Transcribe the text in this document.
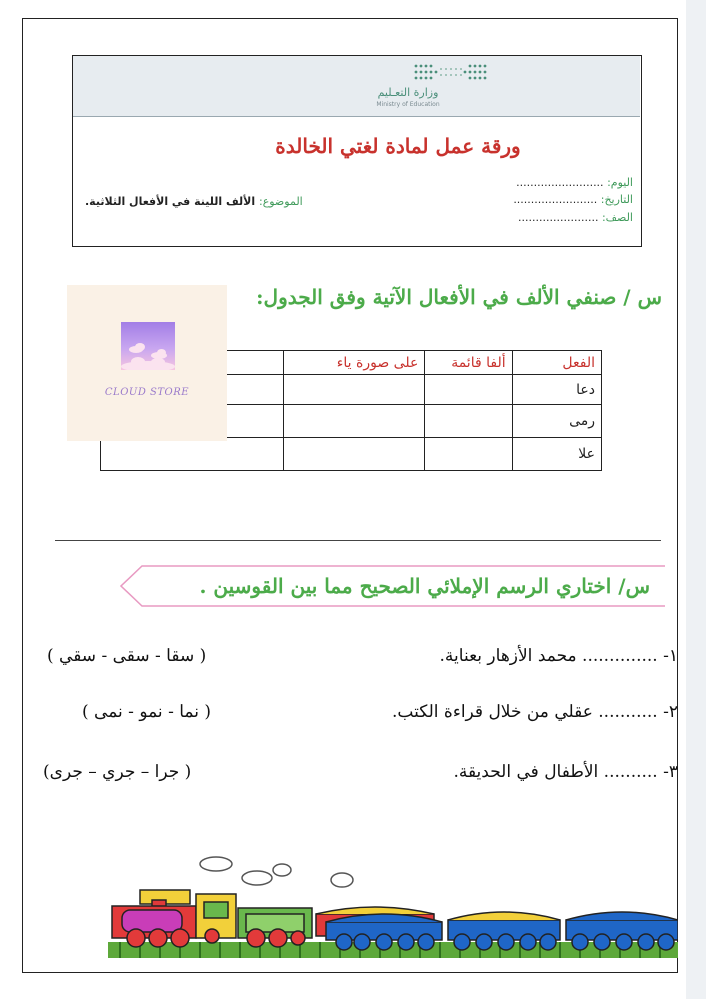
وزارة التعـليم
Ministry of Education
ورقة عمل لمادة لغتي الخالدة
اليوم: .........................
التاريخ: ........................
الصف: .......................
الموضوع: الألف اللينة في الأفعال الثلاثية.
س / صنفي الألف في الأفعال الآتية وفق الجدول:
الفعل	ألفا قائمة	على صورة ياء	
دعا			
رمى			
علا			
CLOUD STORE
س/ اختاري الرسم الإملائي الصحيح مما بين القوسين .
١- .............. محمد الأزهار بعناية.
( سقا - سقى - سقي )
٢- ........... عقلي من خلال قراءة الكتب.
( نما - نمو - نمى )
٣- .......... الأطفال في الحديقة.
( جرا – جري – جرى)
